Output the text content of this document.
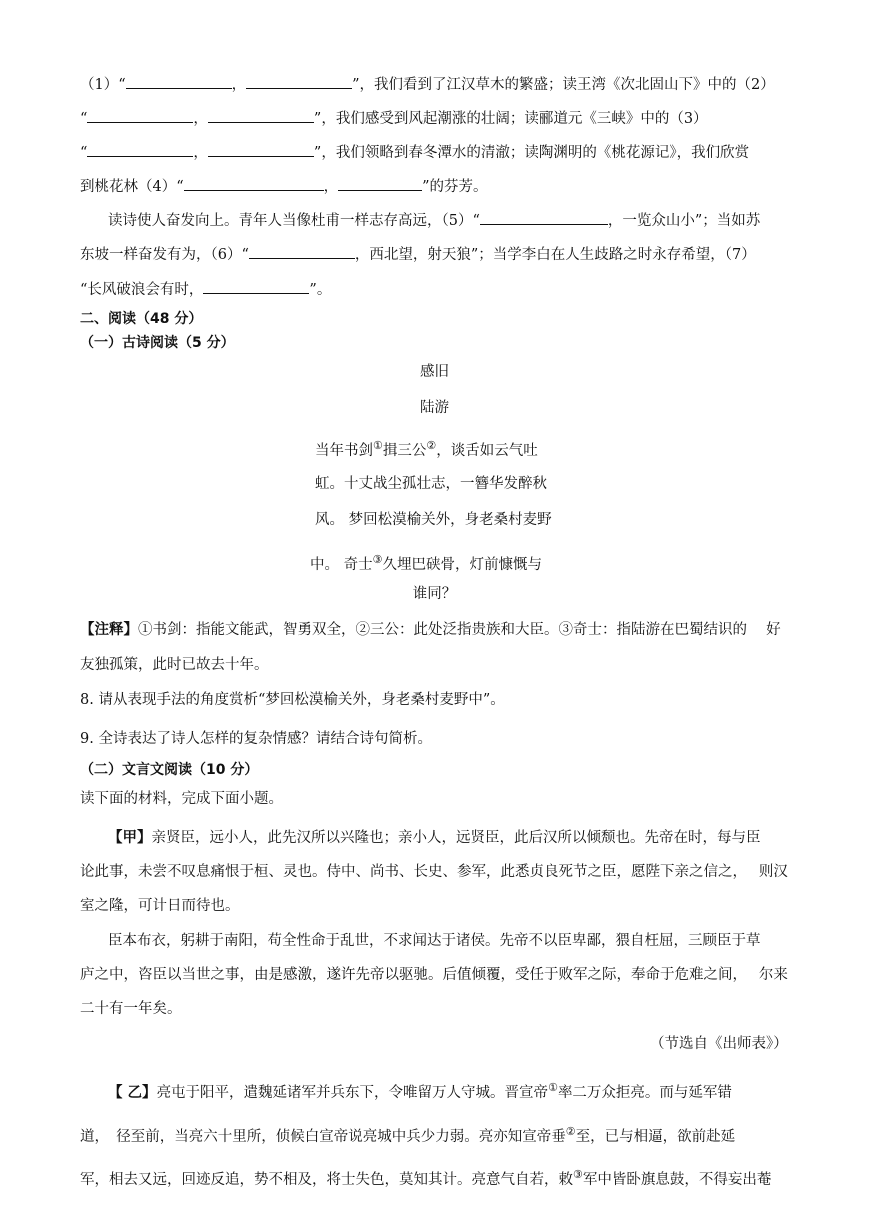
（1）“	，	”，我们看到了江汉草木的繁盛；读王湾《次北固山下》中的（2）
“	，	”，我们感受到风起潮涨的壮阔；读郦道元《三峡》中的（3）
“	，	”，我们领略到春冬潭水的清澈；读陶渊明的《桃花源记》，我们欣赏
到桃花林（4）“	，	”的芬芳。
读诗使人奋发向上。青年人当像杜甫一样志存高远，（5）“	，一览众山小”；当如苏
东坡一样奋发有为，（6）“	，西北望，射天狼”；当学李白在人生歧路之时永存希望，（7）
“长风破浪会有时，	”。
二、阅读（48 分）
（一）古诗阅读（5 分）
感旧
陆游
当年书剑①揖三公②，谈舌如云气吐
虹。十丈战尘孤壮志，一簪华发醉秋
风。 梦回松漠榆关外，身老桑村麦野
中。 奇士③久埋巴硖骨，灯前慷慨与
谁同？
【注释】①书剑：指能文能武，智勇双全，②三公：此处泛指贵族和大臣。③奇士：指陆游在巴蜀结识的　 好
友独孤策，此时已故去十年。
8. 请从表现手法的角度赏析“梦回松漠榆关外，身老桑村麦野中”。
9. 全诗表达了诗人怎样的复杂情感？请结合诗句简析。
（二）文言文阅读（10 分）
读下面的材料，完成下面小题。
【甲】亲贤臣，远小人，此先汉所以兴隆也；亲小人，远贤臣，此后汉所以倾颓也。先帝在时，每与臣
论此事，未尝不叹息痛恨于桓、灵也。侍中、尚书、长史、参军，此悉贞良死节之臣，愿陛下亲之信之，　 则汉
室之隆，可计日而待也。
臣本布衣，躬耕于南阳，苟全性命于乱世，不求闻达于诸侯。先帝不以臣卑鄙，猥自枉屈，三顾臣于草
庐之中，咨臣以当世之事，由是感激，遂许先帝以驱驰。后值倾覆，受任于败军之际，奉命于危难之间，　 尔来
二十有一年矣。
（节选自《出师表》）
【 乙】亮屯于阳平，遣魏延诸军并兵东下，令唯留万人守城。晋宣帝①率二万众拒亮。而与延军错
道，　径至前，当亮六十里所，侦候白宣帝说亮城中兵少力弱。亮亦知宣帝垂②至，已与相逼，欲前赴延
军，相去又远，回迹反追，势不相及，将士失色，莫知其计。亮意气自若，敕③军中皆卧旗息鼓，不得妄出菴
